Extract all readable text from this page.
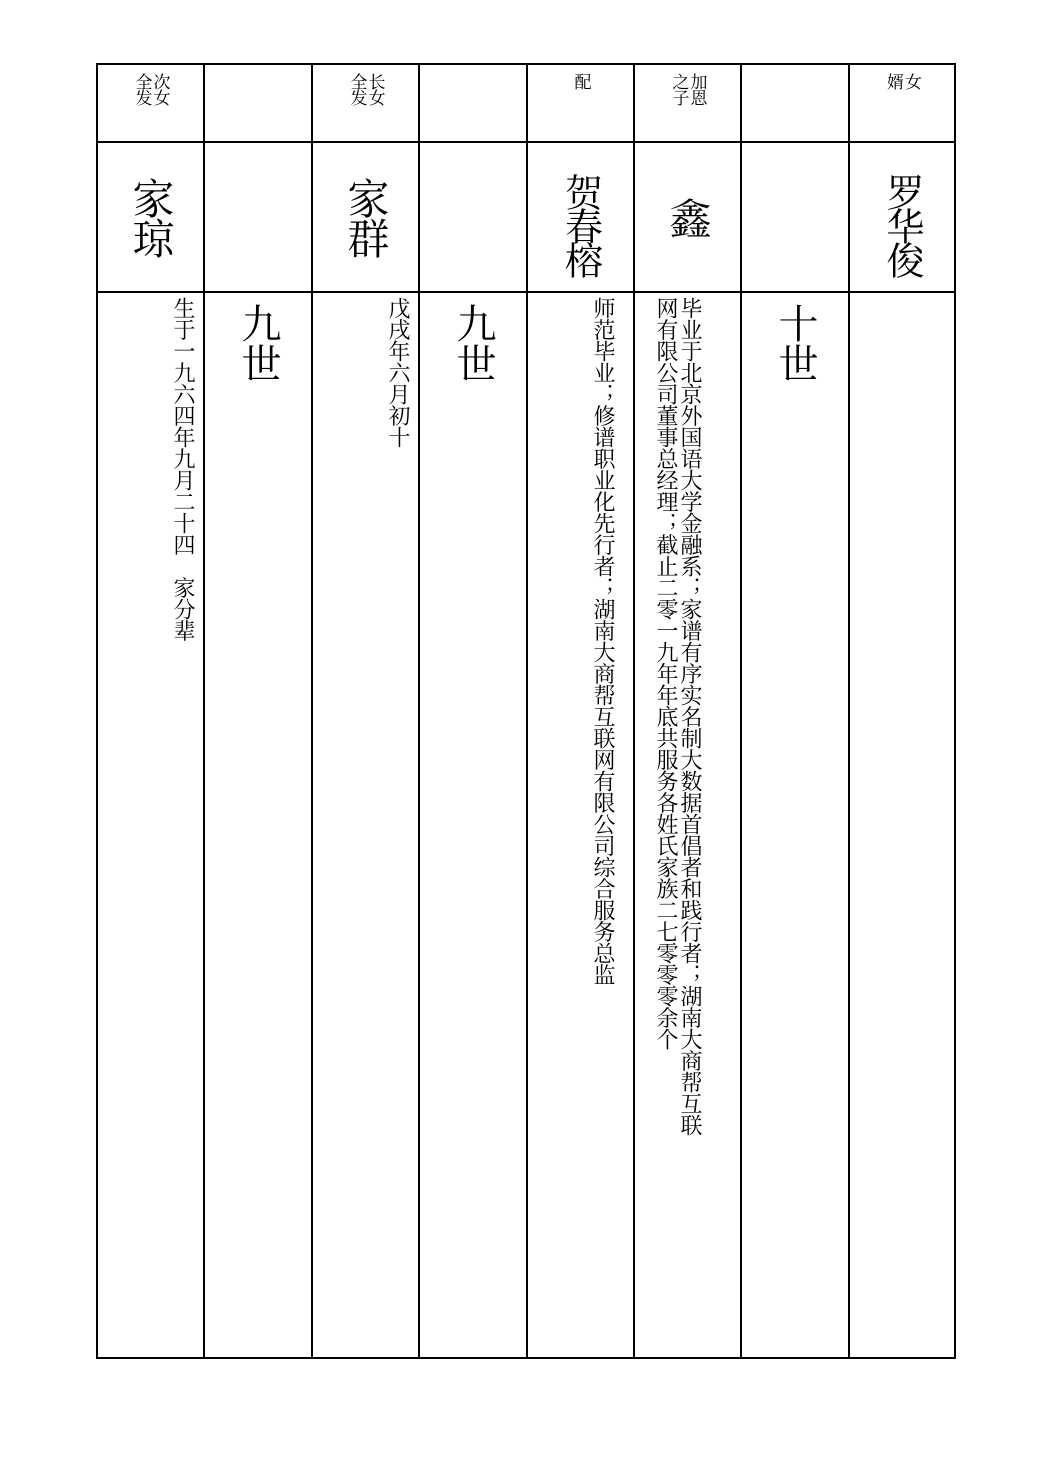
次女
全发
家琼
生于一九六四年九月二十四　家分辈 九世
长女
全发
家群
戊戌年六月初十 九世
配
贺春榕
师范毕业；修谱职业化先行者；湖南大商帮互联网有限公司综合服务总监
加恩
之子
鑫
毕业于北京外国语大学金融系；家谱有序实名制大数据首倡者和践行者；湖南大商帮互联网有限公司董事总经理；截止二零一九年年底共服务各姓氏家族二七零零零余个	十世
女
婿
罗华俊
